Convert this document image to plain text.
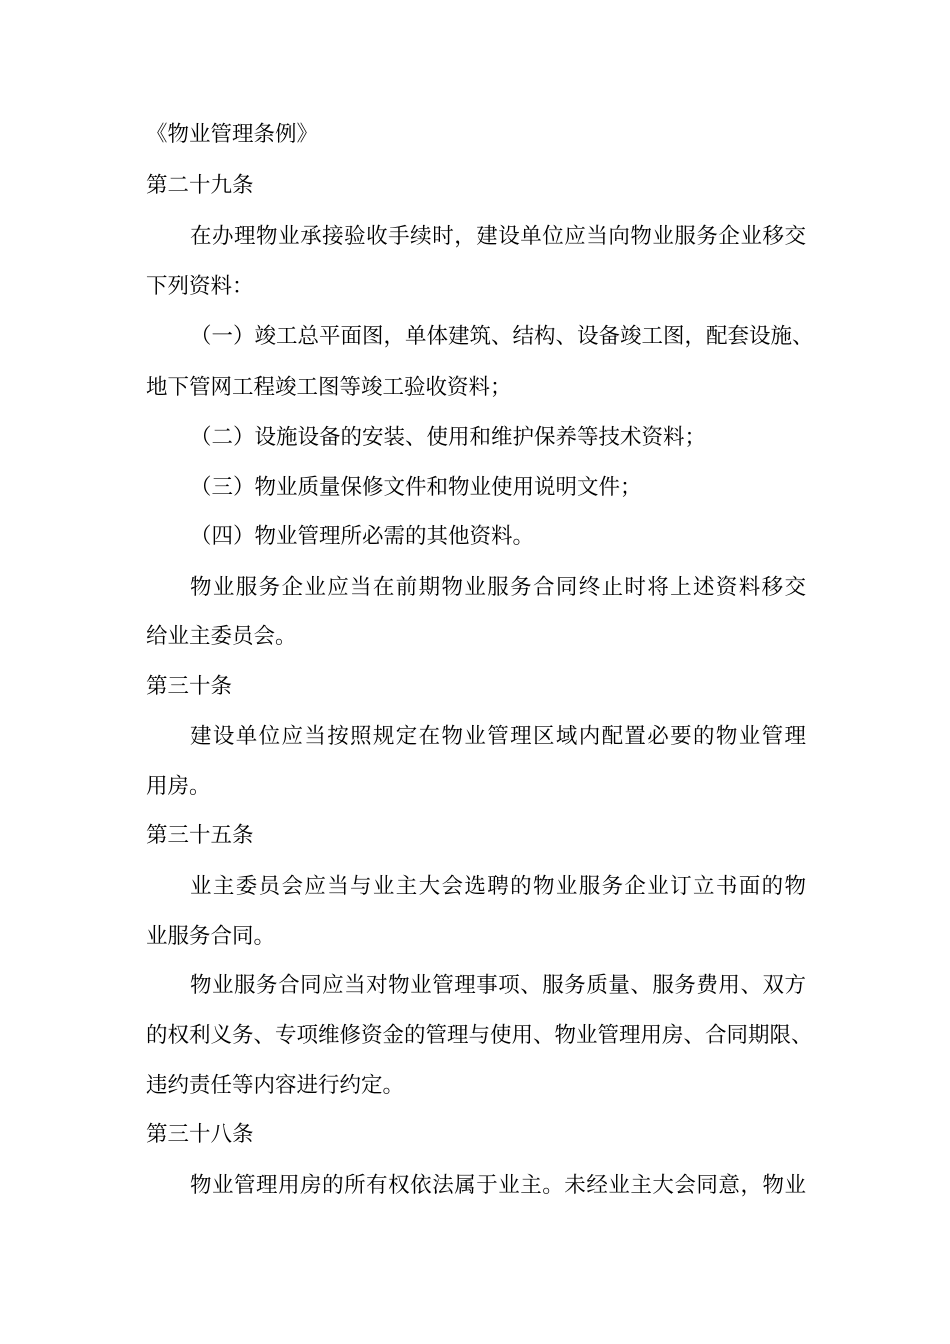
《物业管理条例》
第二十九条
在办理物业承接验收手续时，建设单位应当向物业服务企业移交
下列资料：
（一）竣工总平面图，单体建筑、结构、设备竣工图，配套设施、
地下管网工程竣工图等竣工验收资料；
（二）设施设备的安装、使用和维护保养等技术资料；
（三）物业质量保修文件和物业使用说明文件；
（四）物业管理所必需的其他资料。
物业服务企业应当在前期物业服务合同终止时将上述资料移交
给业主委员会。
第三十条
建设单位应当按照规定在物业管理区域内配置必要的物业管理
用房。
第三十五条
业主委员会应当与业主大会选聘的物业服务企业订立书面的物
业服务合同。
物业服务合同应当对物业管理事项、服务质量、服务费用、双方
的权利义务、专项维修资金的管理与使用、物业管理用房、合同期限、
违约责任等内容进行约定。
第三十八条
物业管理用房的所有权依法属于业主。未经业主大会同意，物业
